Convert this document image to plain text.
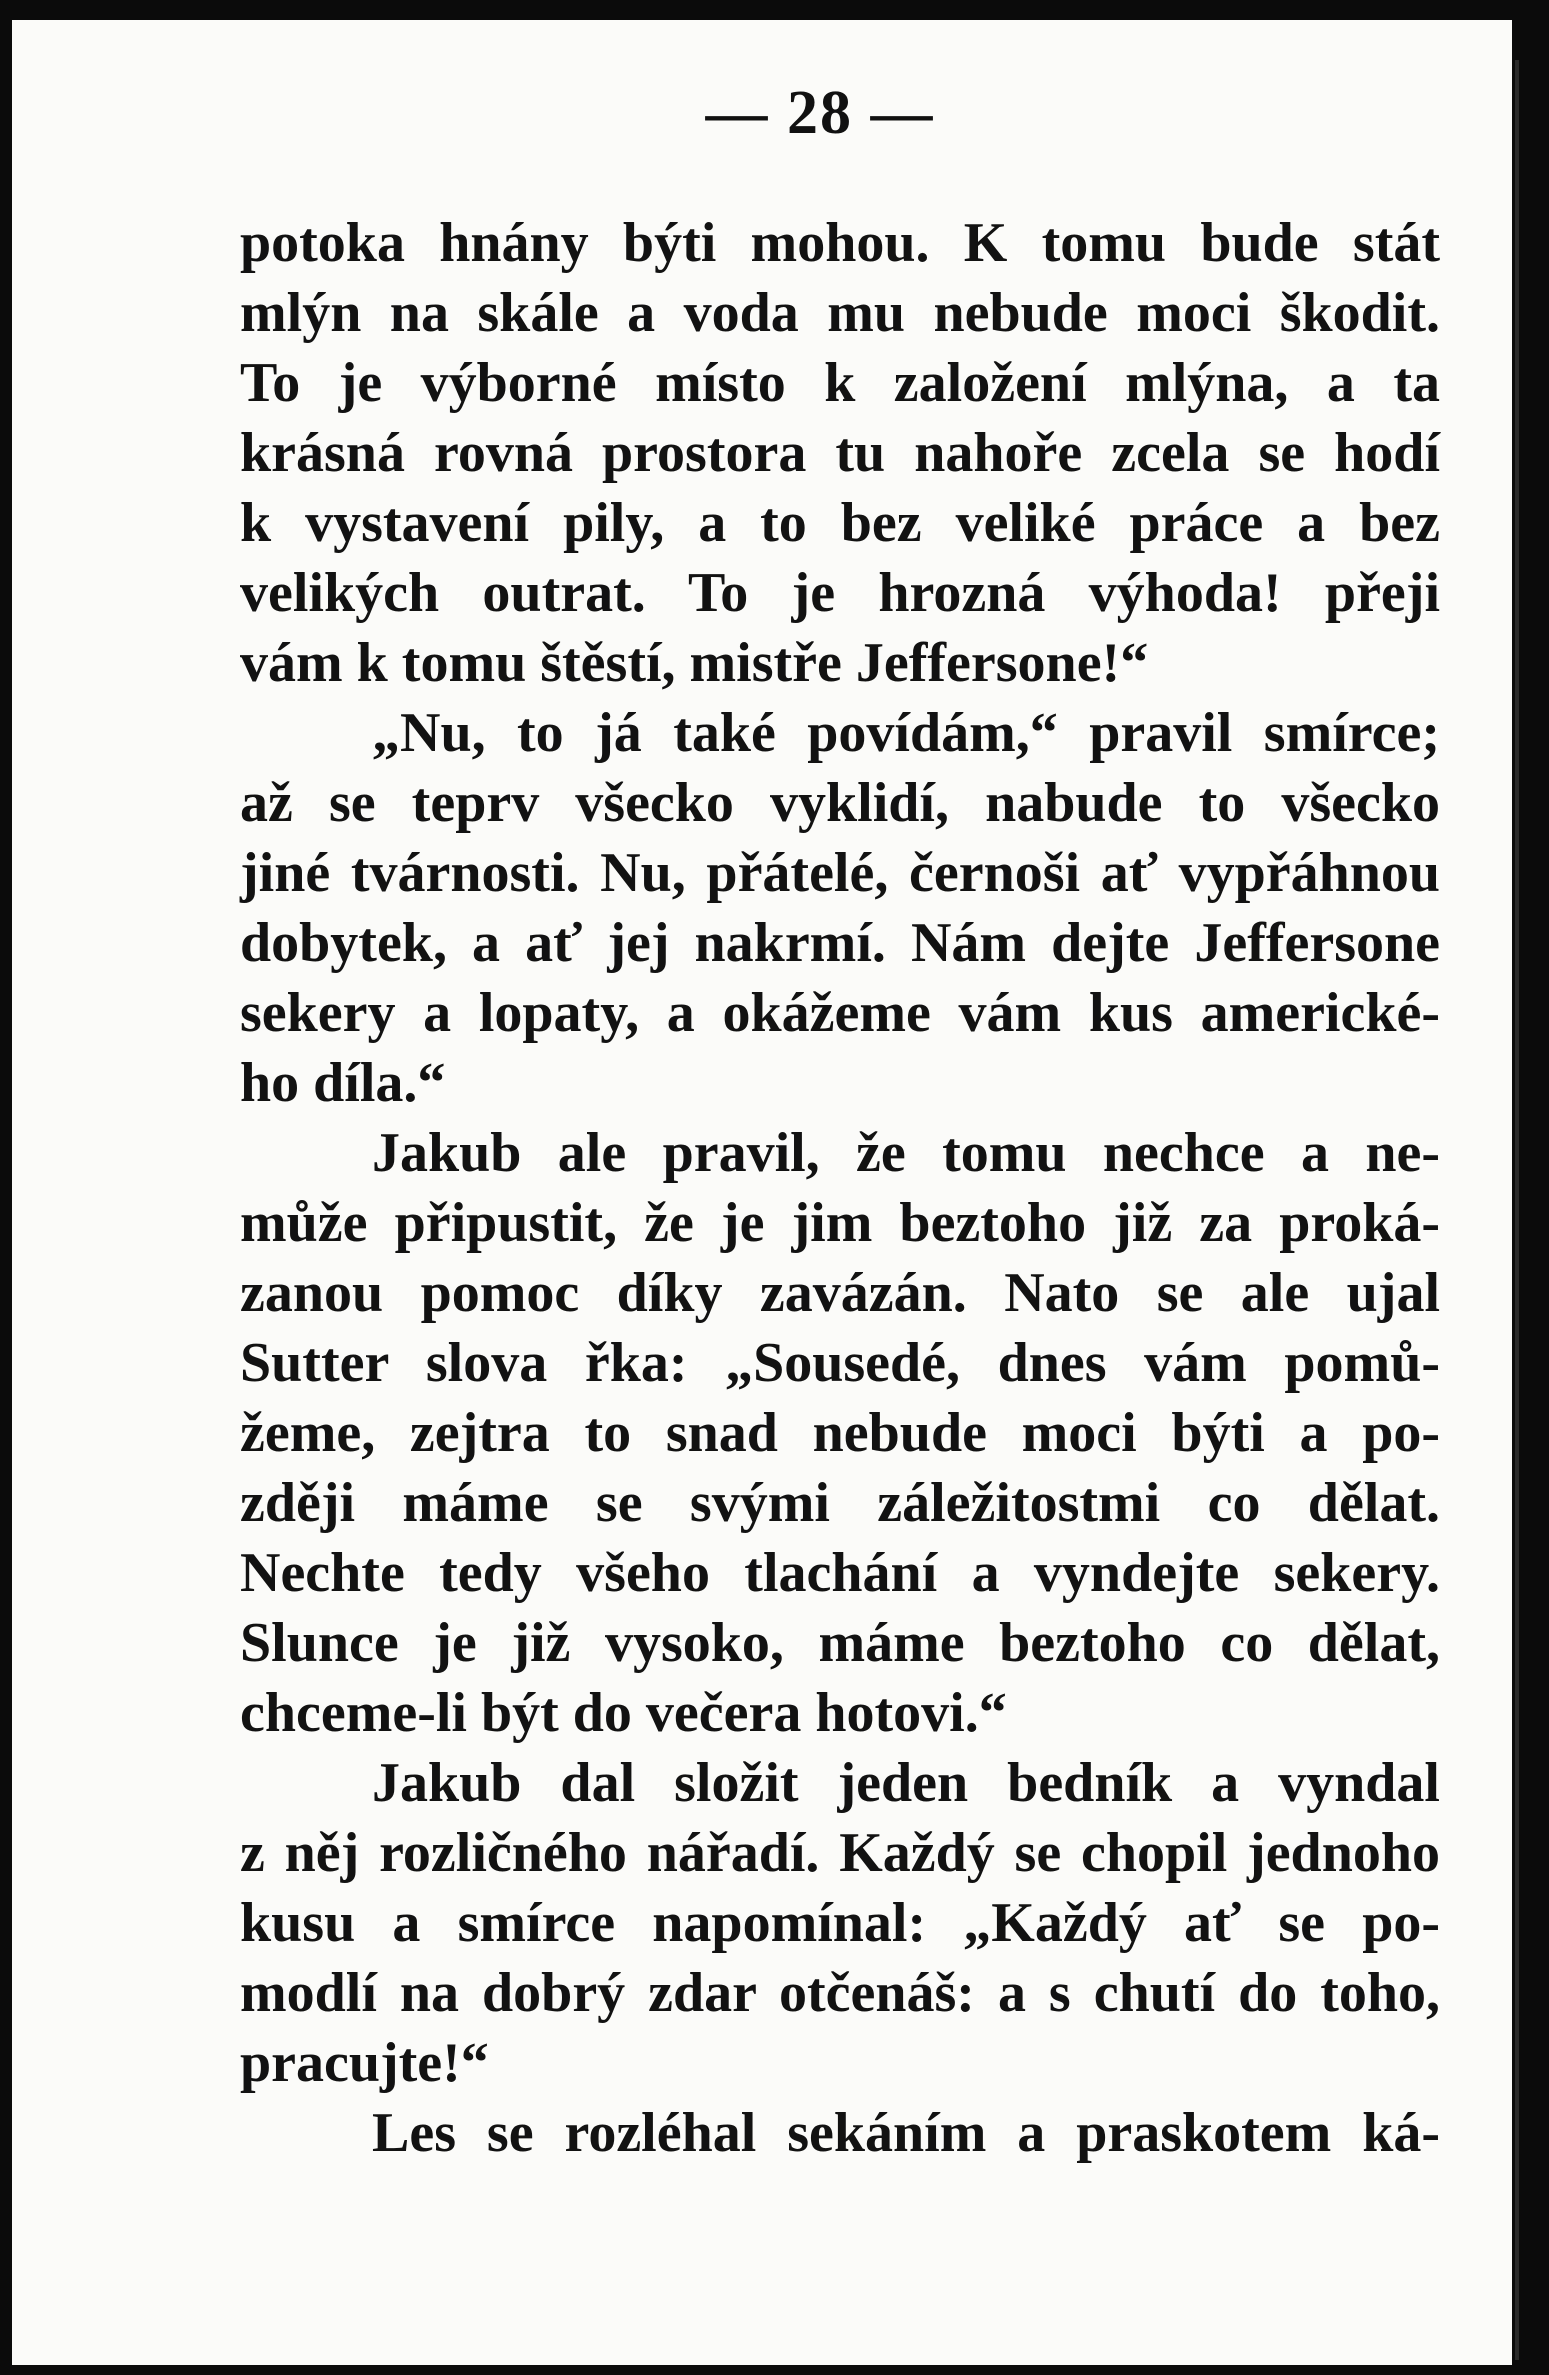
— 28 —
potoka hnány býti mohou. K tomu bude stát
mlýn na skále a voda mu nebude moci škodit.
To je výborné místo k založení mlýna, a ta
krásná rovná prostora tu nahoře zcela se hodí
k vystavení pily, a to bez veliké práce a bez
velikých outrat. To je hrozná výhoda! přeji
vám k tomu štěstí, mistře Jeffersone!“
„Nu, to já také povídám,“ pravil smírce;
až se teprv všecko vyklidí, nabude to všecko
jiné tvárnosti. Nu, přátelé, černoši ať vypřáhnou
dobytek, a ať jej nakrmí. Nám dejte Jeffersone
sekery a lopaty, a okážeme vám kus americké-
ho díla.“
Jakub ale pravil, že tomu nechce a ne-
může připustit, že je jim beztoho již za proká-
zanou pomoc díky zavázán. Nato se ale ujal
Sutter slova řka: „Sousedé, dnes vám pomů-
žeme, zejtra to snad nebude moci býti a po-
zději máme se svými záležitostmi co dělat.
Nechte tedy všeho tlachání a vyndejte sekery.
Slunce je již vysoko, máme beztoho co dělat,
chceme-li být do večera hotovi.“
Jakub dal složit jeden bedník a vyndal
z něj rozličného nářadí. Každý se chopil jednoho
kusu a smírce napomínal: „Každý ať se po-
modlí na dobrý zdar otčenáš: a s chutí do toho,
pracujte!“
Les se rozléhal sekáním a praskotem ká-
